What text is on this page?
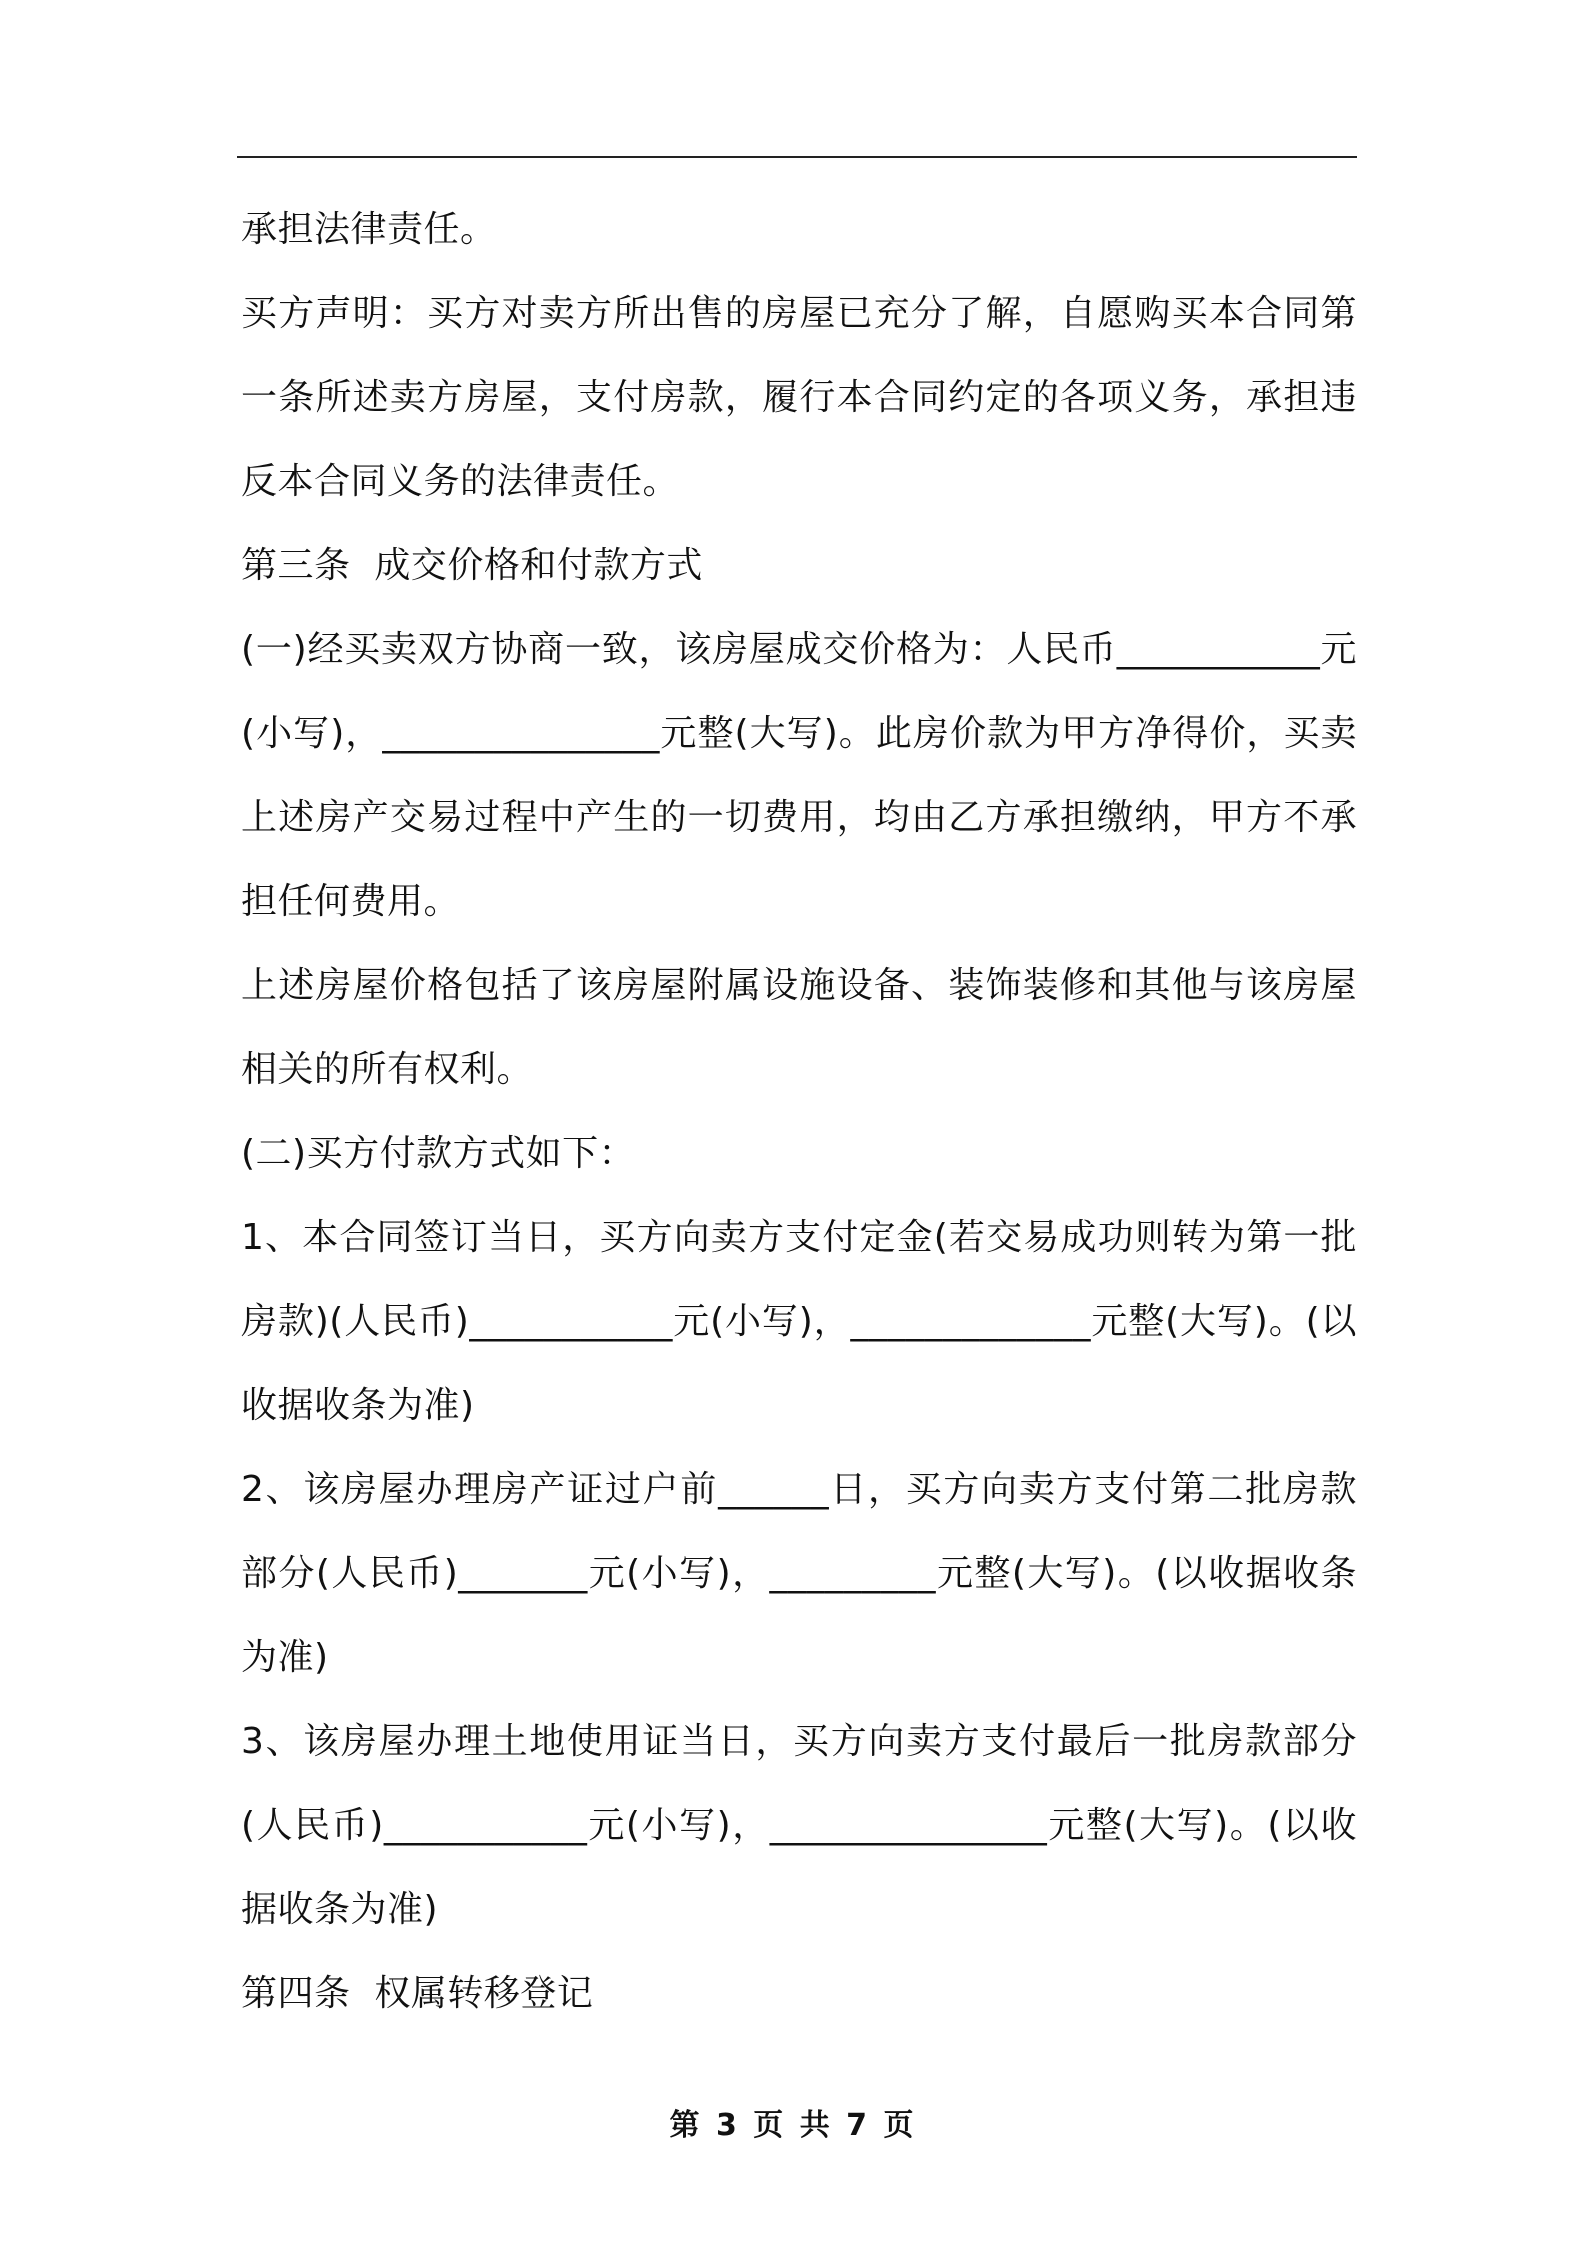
承担法律责任。

买方声明：买方对卖方所出售的房屋已充分了解，自愿购买本合同第一条所述卖方房屋，支付房款，履行本合同约定的各项义务，承担违反本合同义务的法律责任。

第三条  成交价格和付款方式

(一)经买卖双方协商一致，该房屋成交价格为：人民币___________元(小写)，_______________元整(大写)。此房价款为甲方净得价，买卖上述房产交易过程中产生的一切费用，均由乙方承担缴纳，甲方不承担任何费用。

上述房屋价格包括了该房屋附属设施设备、装饰装修和其他与该房屋相关的所有权利。

(二)买方付款方式如下：

1、本合同签订当日，买方向卖方支付定金(若交易成功则转为第一批房款)(人民币)___________元(小写)，_____________元整(大写)。(以收据收条为准)

2、该房屋办理房产证过户前______日，买方向卖方支付第二批房款部分(人民币)_______元(小写)，_________元整(大写)。(以收据收条为准)

3、该房屋办理土地使用证当日，买方向卖方支付最后一批房款部分(人民币)___________元(小写)，_______________元整(大写)。(以收据收条为准)

第四条  权属转移登记

第 3 页 共 7 页
